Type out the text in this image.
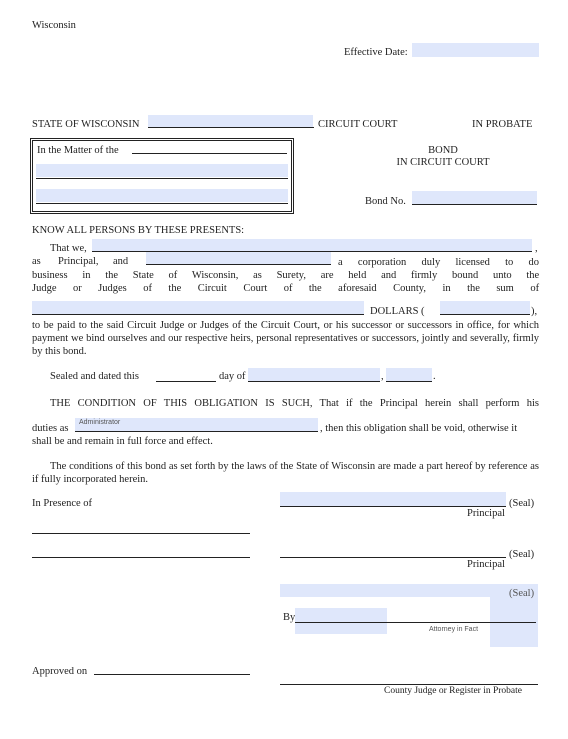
Wisconsin
Effective Date:
STATE OF WISCONSIN	CIRCUIT COURT	IN PROBATE
In the Matter of the	BOND
IN CIRCUIT COURT
Bond No.
KNOW ALL PERSONS BY THESE PRESENTS:
That we,	,
as Principal, and	a corporation duly licensed to do
business in the State of Wisconsin, as Surety, are held and firmly bound unto the
Judge or Judges of the Circuit Court of the aforesaid County, in the sum of
DOLLARS (	),
to be paid to the said Circuit Judge or Judges of the Circuit Court, or his successor or successors in office, for which payment we bind ourselves and our respective heirs, personal representatives or successors, jointly and severally, firmly by this bond.
Sealed and dated this	day of	,	.
THE CONDITION OF THIS OBLIGATION IS SUCH, That if the Principal herein shall perform his
duties as
Administrator
, then this obligation shall be void, otherwise it
shall be and remain in full force and effect.
The conditions of this bond as set forth by the laws of the State of Wisconsin are made a part hereof by reference as if fully incorporated herein.
In Presence of	(Seal)
Principal
(Seal)
Principal
(Seal)
By
Attorney in Fact
Approved on
County Judge or Register in Probate
